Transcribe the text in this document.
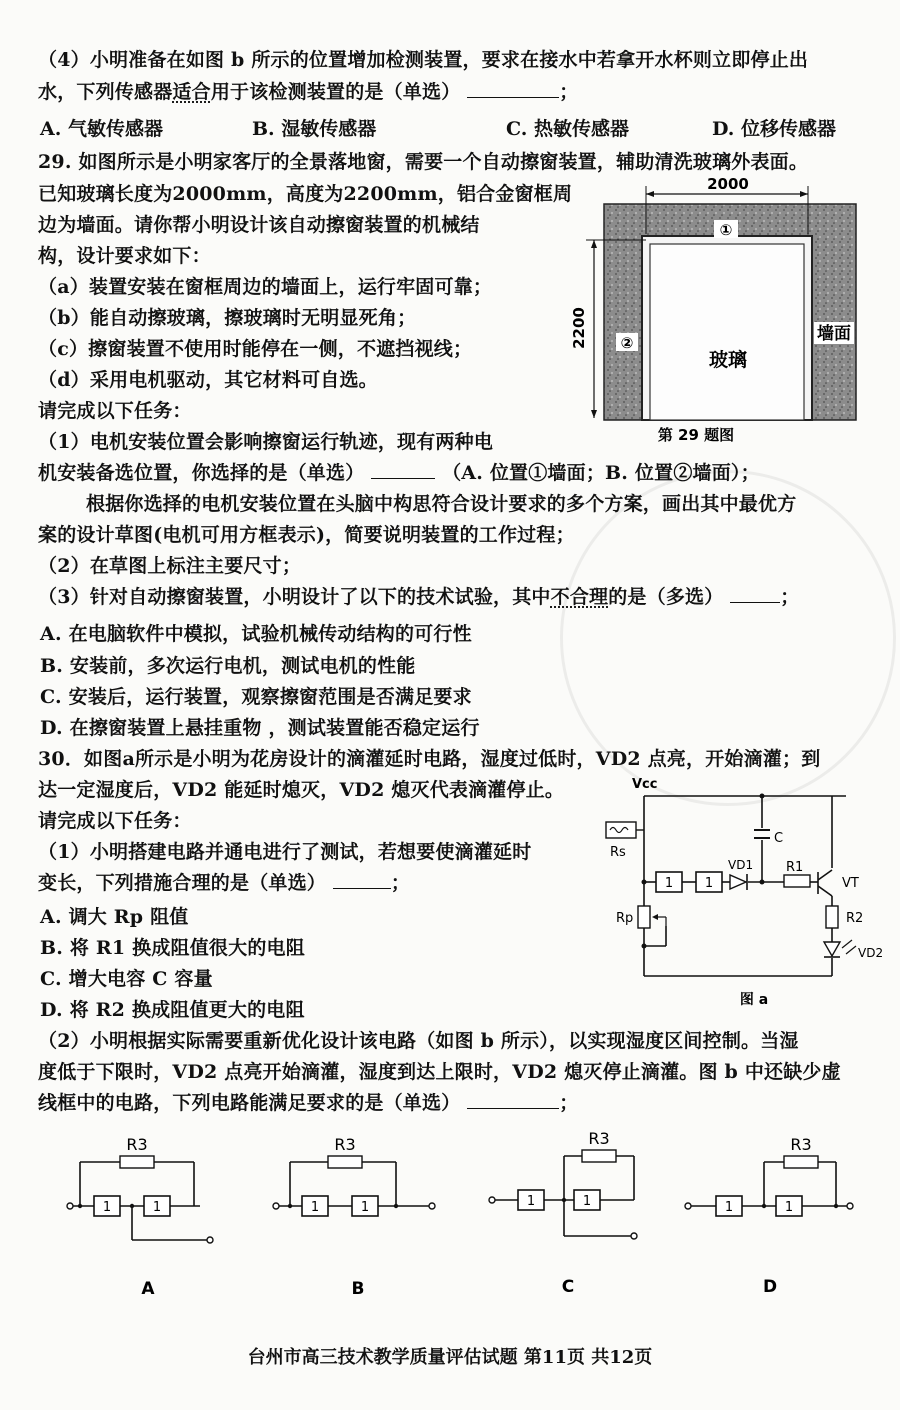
（4）小明准备在如图 b 所示的位置增加检测装置，要求在接水中若拿开水杯则立即停止出
水，下列传感器适合用于该检测装置的是（单选）	；
A. 气敏传感器	B. 湿敏传感器	C. 热敏传感器	D. 位移传感器
29. 如图所示是小明家客厅的全景落地窗，需要一个自动擦窗装置，辅助清洗玻璃外表面。
已知玻璃长度为2000mm，高度为2200mm，铝合金窗框周
边为墙面。请你帮小明设计该自动擦窗装置的机械结
构，设计要求如下：
（a）装置安装在窗框周边的墙面上，运行牢固可靠；
（b）能自动擦玻璃，擦玻璃时无明显死角；
（c）擦窗装置不使用时能停在一侧，不遮挡视线；
（d）采用电机驱动，其它材料可自选。
请完成以下任务：
（1）电机安装位置会影响擦窗运行轨迹，现有两种电
机安装备选位置，你选择的是（单选）	（A. 位置①墙面；B. 位置②墙面）；
根据你选择的电机安装位置在头脑中构思符合设计要求的多个方案，画出其中最优方
案的设计草图(电机可用方框表示)，简要说明装置的工作过程；
（2）在草图上标注主要尺寸；
（3）针对自动擦窗装置，小明设计了以下的技术试验，其中不合理的是（多选）	；
A. 在电脑软件中模拟，试验机械传动结构的可行性
B. 安装前，多次运行电机，测试电机的性能
C. 安装后，运行装置，观察擦窗范围是否满足要求
D. 在擦窗装置上悬挂重物 ，测试装置能否稳定运行
2000
2200
①
②
玻璃
墙面
第 29 题图
30．如图a所示是小明为花房设计的滴灌延时电路，湿度过低时，VD2 点亮，开始滴灌；到
达一定湿度后，VD2 能延时熄灭，VD2 熄灭代表滴灌停止。
请完成以下任务：
（1）小明搭建电路并通电进行了测试，若想要使滴灌延时
变长，下列措施合理的是（单选）	；
A. 调大 Rp 阻值
B. 将 R1 换成阻值很大的电阻
C. 增大电容 C 容量
D. 将 R2 换成阻值更大的电阻
（2）小明根据实际需要重新优化设计该电路（如图 b 所示），以实现湿度区间控制。当湿
度低于下限时，VD2 点亮开始滴灌，湿度到达上限时，VD2 熄灭停止滴灌。图 b 中还缺少虚
线框中的电路，下列电路能满足要求的是（单选）	；
1 1
Vcc
C
Rs
VD1	R1
VT
R2
Rp
VD2
图 a
R3
1	1
A
R3
1	1
B
R3
1	1
C
R3
1	1
D
台州市高三技术教学质量评估试题 第11页 共12页
